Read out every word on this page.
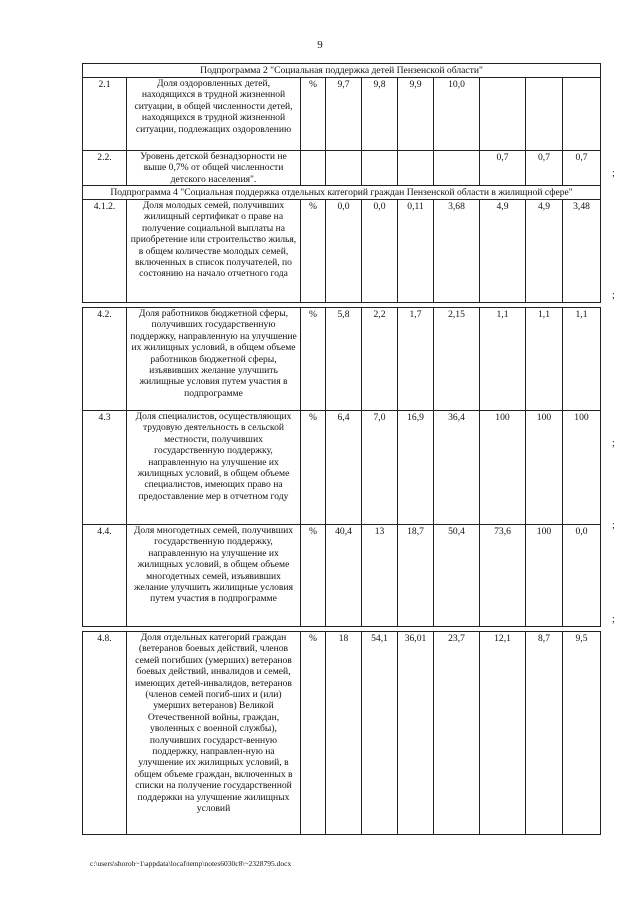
9
Подпрограмма 2 "Социальная поддержка детей Пензенской области"									
2.1	Доля оздоровленных детей, находящихся в трудной жизненной ситуации, в общей численности детей, находящихся в трудной жизненной ситуации, подлежащих оздоровлению	%	9,7	9,8	9,9	10,0			
2.2.	Уровень детской безнадзорности не выше 0,7% от общей численности детского населения".						0,7	0,7	0,7
;
Подпрограмма 4 "Социальная поддержка отдельных категорий граждан Пензенской области в жилищной сфере"
4.1.2.	Доля молодых семей, получивших жилищный сертификат о праве на получение социальной выплаты на приобретение или строительство жилья, в общем количестве молодых семей, включенных в список получателей, по состоянию на начало отчетного года	%	0,0	0,0	0,11	3,68	4,9	4,9	3,48
;
4.2.	Доля работников бюджетной сферы, получивших государственную поддержку, направленную на улучшение их жилищных условий, в общем объеме работников бюджетной сферы, изъявивших желание улучшить жилищные условия путем участия в подпрограмме	%	5,8	2,2	1,7	2,15	1,1	1,1	1,1
4.3	Доля специалистов, осуществляющих трудовую деятельность в сельской местности, получивших государственную поддержку, направленную на улучшение их жилищных условий, в общем объеме специалистов, имеющих право на предоставление мер в отчетном году	%	6,4	7,0	16,9	36,4	100	100	100
4.4.	Доля многодетных семей, получивших государственную поддержку, направленную на улучшение их жилищных условий, в общем объеме многодетных семей, изъявивших желание улучшить жилищные условия путем участия в подпрограмме	%	40,4	13	18,7	50,4	73,6	100	0,0
;
4.8.	Доля отдельных категорий граждан (ветеранов боевых действий, членов семей погибших (умерших) ветеранов боевых действий, инвалидов и семей, имеющих детей-инвалидов, ветеранов (членов семей погиб-ших и (или) умерших ветеранов) Великой Отечественной войны, граждан, уволенных с военной службы), получивших государст-венную поддержку, направлен-ную на улучшение их жилищных условий, в общем объеме граждан, включенных в списки на получение государственной поддержки на улучшение жилищных условий	%	18	54,1	36,01	23,7	12,1	8,7	9,5
;
;
c:\users\shoroh~1\appdata\local\temp\notes6030c8\~2328795.docx
